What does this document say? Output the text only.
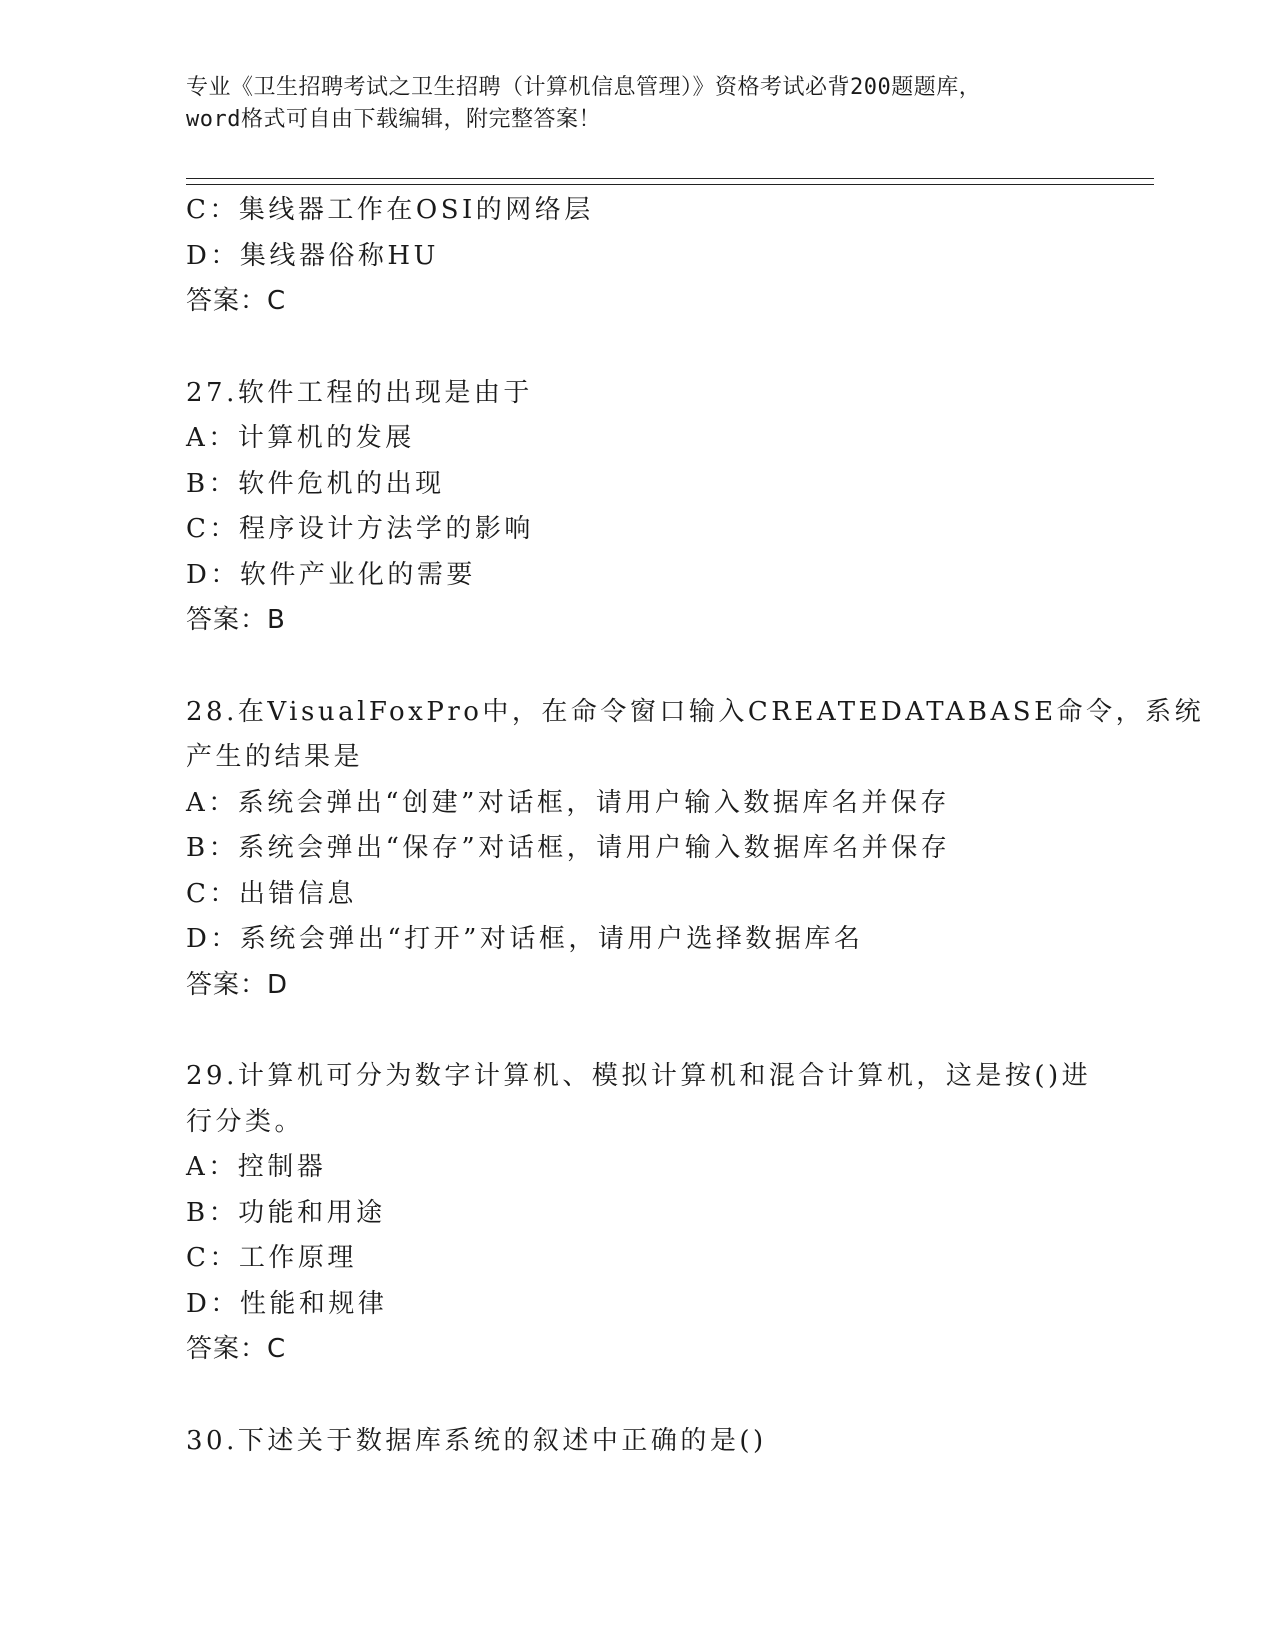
专业《卫生招聘考试之卫生招聘（计算机信息管理）》资格考试必背200题题库，
word格式可自由下载编辑，附完整答案！
C：集线器工作在OSI的网络层
D：集线器俗称HU
答案：C
27.软件工程的出现是由于
A：计算机的发展
B：软件危机的出现
C：程序设计方法学的影响
D：软件产业化的需要
答案：B
28.在VisualFoxPro中，在命令窗口输入CREATEDATABASE命令，系统
产生的结果是
A：系统会弹出“创建”对话框，请用户输入数据库名并保存
B：系统会弹出“保存”对话框，请用户输入数据库名并保存
C：出错信息
D：系统会弹出“打开”对话框，请用户选择数据库名
答案：D
29.计算机可分为数字计算机、模拟计算机和混合计算机，这是按()进
行分类。
A：控制器
B：功能和用途
C：工作原理
D：性能和规律
答案：C
30.下述关于数据库系统的叙述中正确的是()
